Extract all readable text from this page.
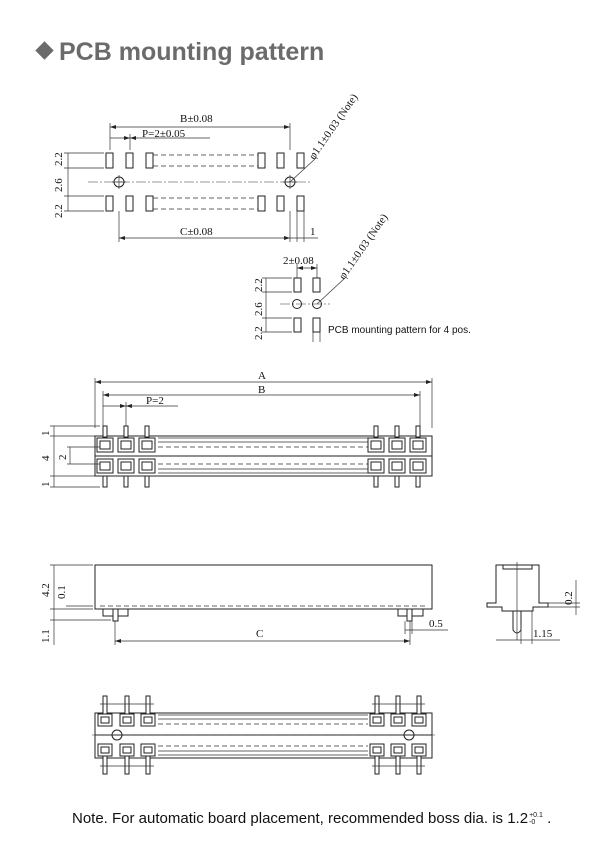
PCB mounting pattern
B±0.08
P=2±0.05	φ1.1±0.03 (Note)
2.2
2.6
2.2
C±0.08	1
2±0.08 φ1.1±0.03 (Note)
2.2
2.6
2.2	PCB mounting pattern for 4 pos.
A
B
P=2
1
4 2
1
4.2 0.1
1.1	C
0.5
0.2
1.15
Note. For automatic board placement, recommended boss dia. is 1.2 +0.1
-0 .
